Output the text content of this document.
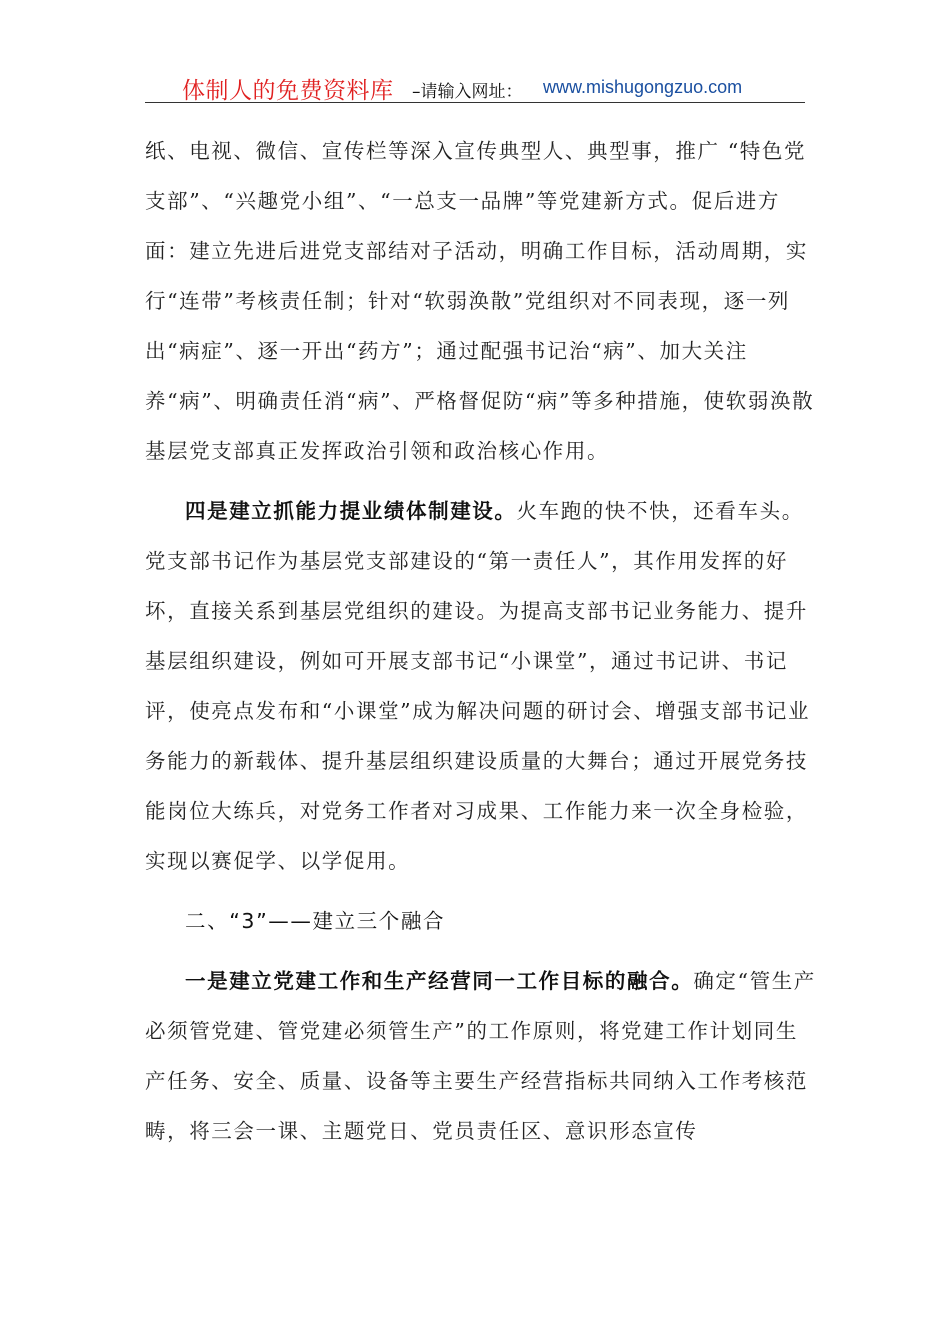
体制人的免费资料库 –请输入网址： www.mishugongzuo.com

纸、电视、微信、宣传栏等深入宣传典型人、典型事，推广 “特色党支部”、“兴趣党小组”、“一总支一品牌”等党建新方式。促后进方面：建立先进后进党支部结对子活动，明确工作目标，活动周期，实行“连带”考核责任制；针对“软弱涣散”党组织对不同表现，逐一列出“病症”、逐一开出“药方”；通过配强书记治“病”、加大关注养“病”、明确责任消“病”、严格督促防“病”等多种措施，使软弱涣散基层党支部真正发挥政治引领和政治核心作用。

四是建立抓能力提业绩体制建设。火车跑的快不快，还看车头。党支部书记作为基层党支部建设的“第一责任人”，其作用发挥的好坏，直接关系到基层党组织的建设。为提高支部书记业务能力、提升基层组织建设，例如可开展支部书记“小课堂”，通过书记讲、书记评，使亮点发布和“小课堂”成为解决问题的研讨会、增强支部书记业务能力的新载体、提升基层组织建设质量的大舞台；通过开展党务技能岗位大练兵，对党务工作者对习成果、工作能力来一次全身检验，实现以赛促学、以学促用。

二、“3”——建立三个融合

一是建立党建工作和生产经营同一工作目标的融合。确定“管生产必须管党建、管党建必须管生产”的工作原则，将党建工作计划同生产任务、安全、质量、设备等主要生产经营指标共同纳入工作考核范畴，将三会一课、主题党日、党员责任区、意识形态宣传
